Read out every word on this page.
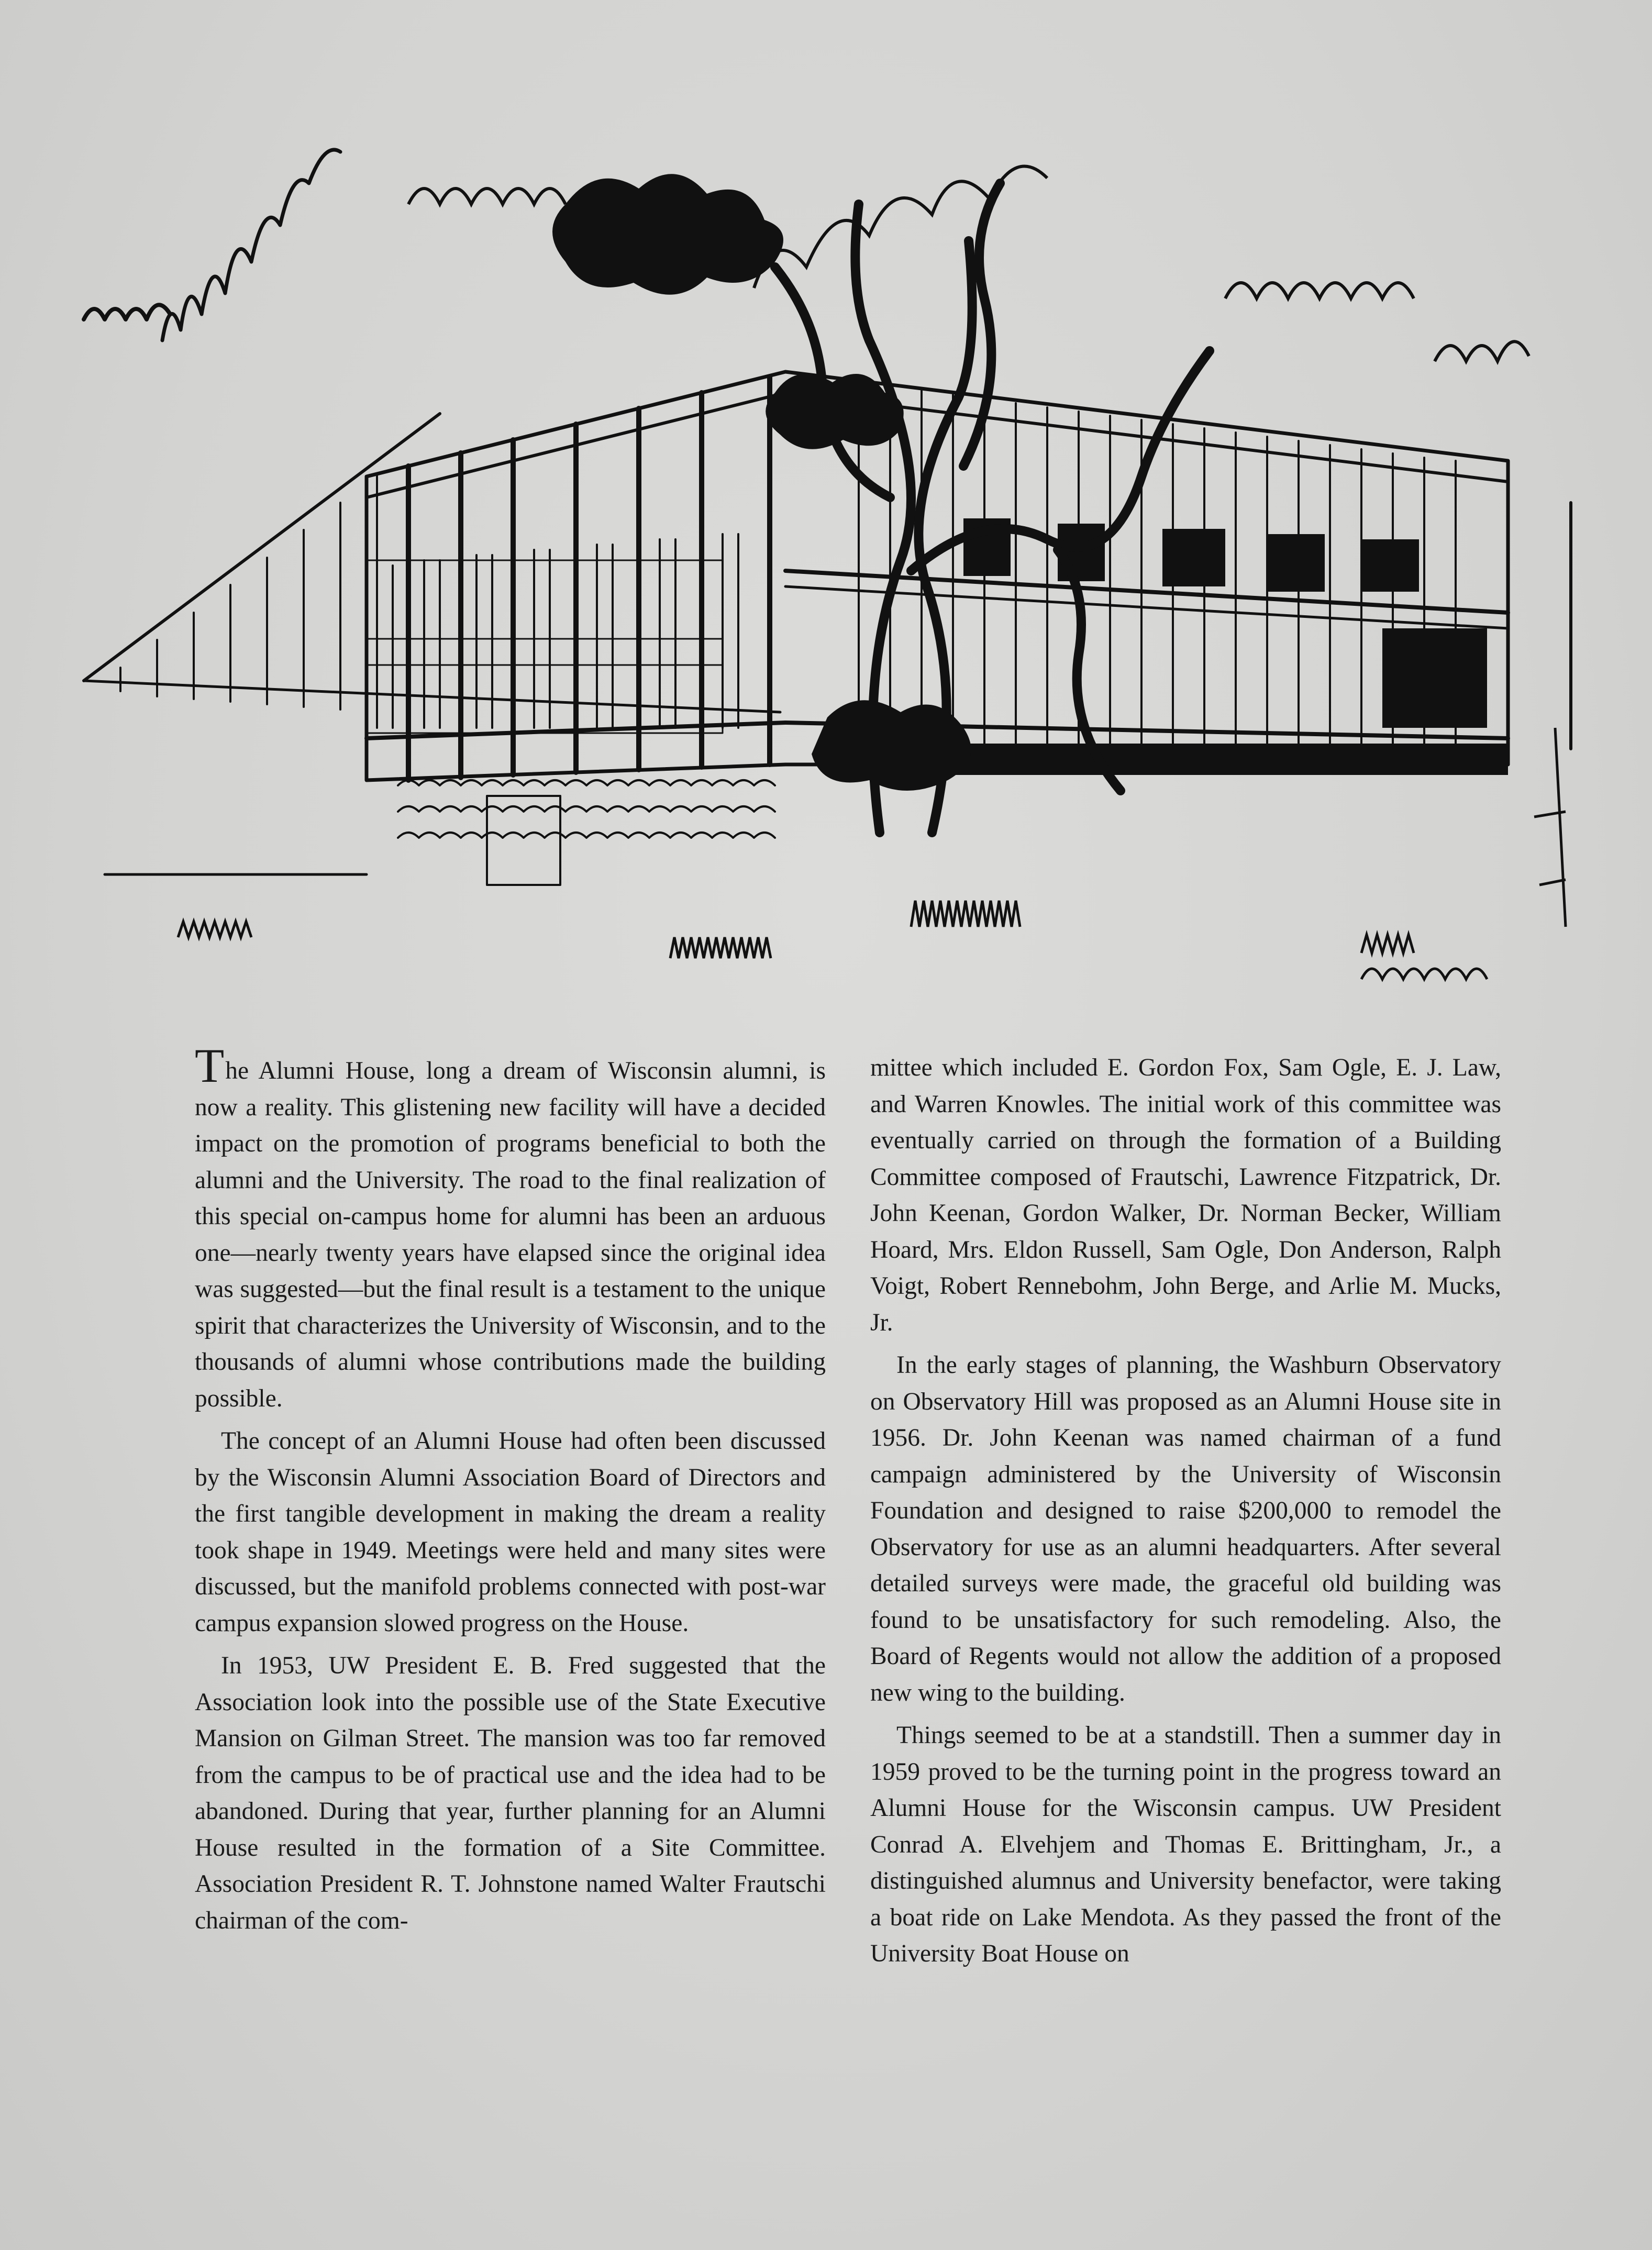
The Alumni House, long a dream of Wisconsin alumni, is now a reality. This glistening new facility will have a decided impact on the promotion of programs beneficial to both the alumni and the University. The road to the final realization of this special on-campus home for alumni has been an arduous one—nearly twenty years have elapsed since the original idea was suggested—but the final result is a testament to the unique spirit that characterizes the University of Wisconsin, and to the thousands of alumni whose contributions made the building possible.

The concept of an Alumni House had often been discussed by the Wisconsin Alumni Association Board of Directors and the first tangible development in making the dream a reality took shape in 1949. Meetings were held and many sites were discussed, but the manifold problems connected with post-war campus expansion slowed progress on the House.

In 1953, UW President E. B. Fred suggested that the Association look into the possible use of the State Executive Mansion on Gilman Street. The mansion was too far removed from the campus to be of practical use and the idea had to be abandoned. During that year, further planning for an Alumni House resulted in the formation of a Site Committee. Association President R. T. Johnstone named Walter Frautschi chairman of the com-

mittee which included E. Gordon Fox, Sam Ogle, E. J. Law, and Warren Knowles. The initial work of this committee was eventually carried on through the formation of a Building Committee composed of Frautschi, Lawrence Fitzpatrick, Dr. John Keenan, Gordon Walker, Dr. Norman Becker, William Hoard, Mrs. Eldon Russell, Sam Ogle, Don Anderson, Ralph Voigt, Robert Rennebohm, John Berge, and Arlie M. Mucks, Jr.

In the early stages of planning, the Washburn Observatory on Observatory Hill was proposed as an Alumni House site in 1956. Dr. John Keenan was named chairman of a fund campaign administered by the University of Wisconsin Foundation and designed to raise $200,000 to remodel the Observatory for use as an alumni headquarters. After several detailed surveys were made, the graceful old building was found to be unsatisfactory for such remodeling. Also, the Board of Regents would not allow the addition of a proposed new wing to the building.

Things seemed to be at a standstill. Then a summer day in 1959 proved to be the turning point in the progress toward an Alumni House for the Wisconsin campus. UW President Conrad A. Elvehjem and Thomas E. Brittingham, Jr., a distinguished alumnus and University benefactor, were taking a boat ride on Lake Mendota. As they passed the front of the University Boat House on
